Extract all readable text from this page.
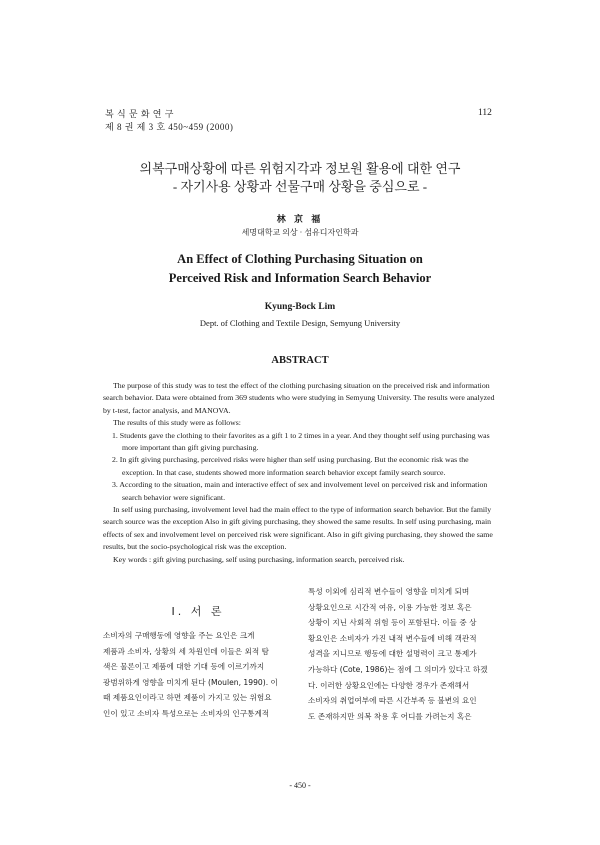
복 식 문 화 연 구
제 8 권 제 3 호 450~459 (2000)
112
의복구매상황에 따른 위험지각과 정보원 활용에 대한 연구
- 자기사용 상황과 선물구매 상황을 중심으로 -
林 京 福
세명대학교 의상 · 섬유디자인학과
An Effect of Clothing Purchasing Situation on
Perceived Risk and Information Search Behavior
Kyung-Bock Lim
Dept. of Clothing and Textile Design, Semyung University
ABSTRACT

The purpose of this study was to test the effect of the clothing purchasing situation on the preceived risk and information search behavior. Data were obtained from 369 students who were studying in Semyung University. The results were analyzed by t-test, factor analysis, and MANOVA.

The results of this study were as follows:

1. Students gave the clothing to their favorites as a gift 1 to 2 times in a year. And they thought self using purchasing was more important than gift giving purchasing.

2. In gift giving purchasing, perceived risks were higher than self using purchasing. But the economic risk was the exception. In that case, students showed more information search behavior except family search source.

3. According to the situation, main and interactive effect of sex and involvement level on perceived risk and information search behavior were significant.

In self using purchasing, involvement level had the main effect to the type of information search behavior. But the family search source was the exception Also in gift giving purchasing, they showed the same results. In self using purchasing, main effects of sex and involvement level on perceived risk were significant. Also in gift giving purchasing, they showed the same results, but the socio-psychological risk was the exception.

Key words : gift giving purchasing, self using purchasing, information search, perceived risk.

Ⅰ. 서 론
소비자의 구매행동에 영향을 주는 요인은 크게
제품과 소비자, 상황의 세 차원인데 이들은 외적 탐
색은 물론이고 제품에 대한 기대 등에 이르기까지
광범위하게 영향을 미치게 된다 (Moulen, 1990). 이
때 제품요인이라고 하면 제품이 가지고 있는 위험요
인이 있고 소비자 특성으로는 소비자의 인구통계적
특성 이외에 심리적 변수들이 영향을 미치게 되며
상황요인으로 시간적 여유, 이용 가능한 정보 혹은
상황이 지닌 사회적 위험 등이 포함된다. 이들 중 상
황요인은 소비자가 가진 내적 변수들에 비해 객관적
성격을 지니므로 행동에 대한 설명력이 크고 통제가
가능하다 (Cote, 1986)는 점에 그 의미가 있다고 하겠
다. 이러한 상황요인에는 다양한 경우가 존재해서
소비자의 취업여부에 따른 시간부족 등 불변의 요인
도 존재하지만 의복 착용 후 어디를 가려는지 혹은
- 450 -
